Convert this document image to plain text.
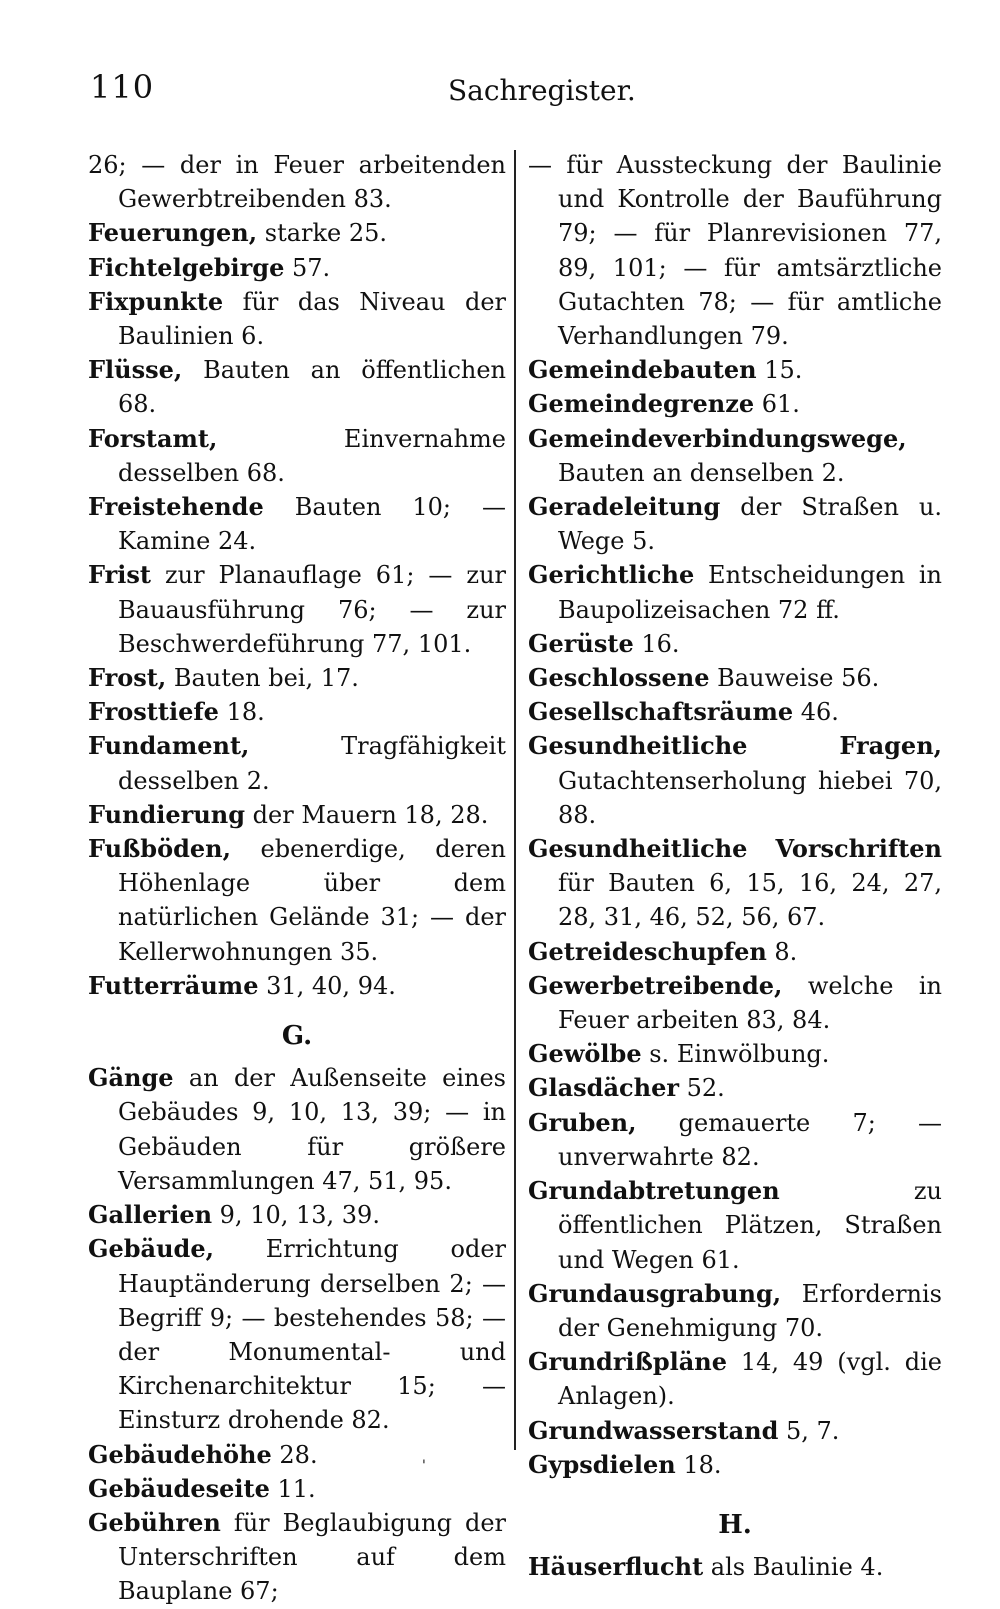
110	Sachregister.
26; — der in Feuer arbeitenden Gewerbtreibenden 83.
Feuerungen, starke 25.
Fichtelgebirge 57.
Fixpunkte für das Niveau der Baulinien 6.
Flüsse, Bauten an öffentlichen 68.
Forstamt, Einvernahme desselben 68.
Freistehende Bauten 10; — Kamine 24.
Frist zur Planauflage 61; — zur Bauausführung 76; — zur Beschwerdeführung 77, 101.
Frost, Bauten bei, 17.
Frosttiefe 18.
Fundament, Tragfähigkeit desselben 2.
Fundierung der Mauern 18, 28.
Fußböden, ebenerdige, deren Höhenlage über dem natürlichen Gelände 31; — der Kellerwohnungen 35.
Futterräume 31, 40, 94.
G.
Gänge an der Außenseite eines Gebäudes 9, 10, 13, 39; — in Gebäuden für größere Versammlungen 47, 51, 95.
Gallerien 9, 10, 13, 39.
Gebäude, Errichtung oder Hauptänderung derselben 2; — Begriff 9; — bestehendes 58; — der Monumental- und Kirchenarchitektur 15; — Einsturz drohende 82.
Gebäudehöhe 28.
Gebäudeseite 11.
Gebühren für Beglaubigung der Unterschriften auf dem Bauplane 67;
— für Aussteckung der Baulinie und Kontrolle der Bauführung 79; — für Planrevisionen 77, 89, 101; — für amtsärztliche Gutachten 78; — für amtliche Verhandlungen 79.
Gemeindebauten 15.
Gemeindegrenze 61.
Gemeindeverbindungswege, Bauten an denselben 2.
Geradeleitung der Straßen u. Wege 5.
Gerichtliche Entscheidungen in Baupolizeisachen 72 ff.
Gerüste 16.
Geschlossene Bauweise 56.
Gesellschaftsräume 46.
Gesundheitliche Fragen, Gutachtenserholung hiebei 70, 88.
Gesundheitliche Vorschriften für Bauten 6, 15, 16, 24, 27, 28, 31, 46, 52, 56, 67.
Getreideschupfen 8.
Gewerbetreibende, welche in Feuer arbeiten 83, 84.
Gewölbe s. Einwölbung.
Glasdächer 52.
Gruben, gemauerte 7; — unverwahrte 82.
Grundabtretungen zu öffentlichen Plätzen, Straßen und Wegen 61.
Grundausgrabung, Erfordernis der Genehmigung 70.
Grundrißpläne 14, 49 (vgl. die Anlagen).
Grundwasserstand 5, 7.
Gypsdielen 18.
H.
Häuserflucht als Baulinie 4.
'
